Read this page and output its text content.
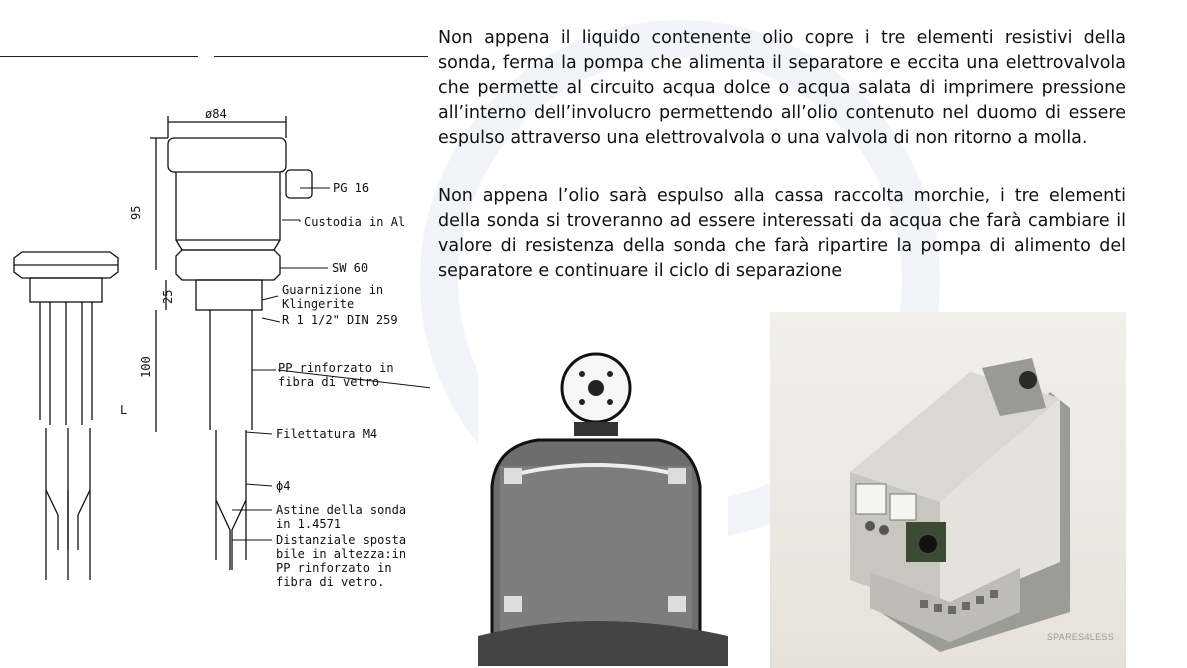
Non appena il liquido contenente olio copre i tre elementi resistivi della sonda, ferma la pompa che alimenta il separatore e eccita una elettrovalvola che permette al circuito acqua dolce o acqua salata di imprimere pressione all’interno dell’involucro permettendo all’olio contenuto nel duomo di essere espulso attraverso una elettrovalvola o una valvola di non ritorno a molla.
Non appena l’olio sarà espulso alla cassa raccolta morchie, i tre elementi della sonda si troveranno ad essere interessati da acqua che farà cambiare il valore di resistenza della sonda che farà ripartire la pompa di alimento del separatore e continuare il ciclo di separazione
ø84
95
25
100
L
PG 16
Custodia in Al
SW 60
Guarnizione in
Klingerite
R 1 1/2" DIN 259
PP rinforzato in
fibra di vetro
Filettatura M4
ϕ4
Astine della sonda
in 1.4571
Distanziale sposta
bile in altezza:in
PP rinforzato in
fibra di vetro.
SPARES4LESS
